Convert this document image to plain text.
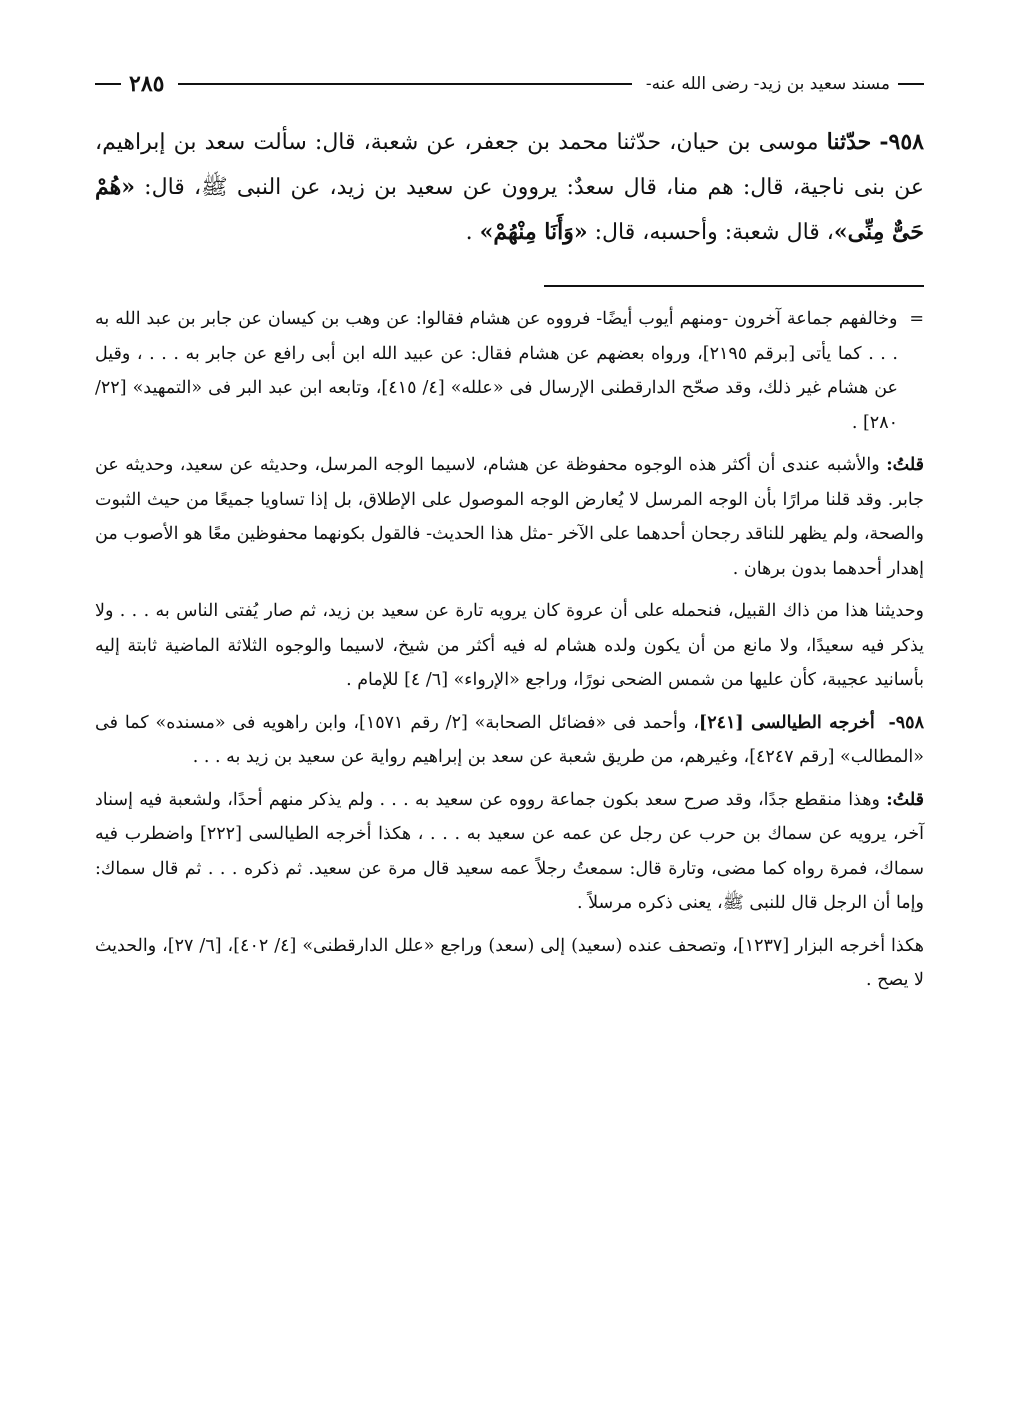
مسند سعيد بن زيد- رضى الله عنه-
٢٨٥
٩٥٨- حدّثنا موسى بن حيان، حدّثنا محمد بن جعفر، عن شعبة، قال: سألت سعد بن إبراهيم، عن بنى ناجية، قال: هم منا، قال سعدٌ: يروون عن سعيد بن زيد، عن النبى ﷺ، قال: «هُمْ حَىٌّ مِنِّى»، قال شعبة: وأحسبه، قال: «وَأَنَا مِنْهُمْ» .

=  وخالفهم جماعة آخرون -ومنهم أيوب أيضًا- فرووه عن هشام فقالوا: عن وهب بن كيسان عن جابر بن عبد الله به . . . كما يأتى [برقم ٢١٩٥]، ورواه بعضهم عن هشام فقال: عن عبيد الله ابن أبى رافع عن جابر به . . . ، وقيل عن هشام غير ذلك، وقد صحّح الدارقطنى الإرسال فى «علله» [٤/ ٤١٥]، وتابعه ابن عبد البر فى «التمهيد» [٢٢/ ٢٨٠] .

قلتُ: والأشبه عندى أن أكثر هذه الوجوه محفوظة عن هشام، لاسيما الوجه المرسل، وحديثه عن سعيد، وحديثه عن جابر. وقد قلنا مرارًا بأن الوجه المرسل لا يُعارض الوجه الموصول على الإطلاق، بل إذا تساويا جميعًا من حيث الثبوت والصحة، ولم يظهر للناقد رجحان أحدهما على الآخر -مثل هذا الحديث- فالقول بكونهما محفوظين معًا هو الأصوب من إهدار أحدهما بدون برهان .

وحديثنا هذا من ذاك القبيل، فنحمله على أن عروة كان يرويه تارة عن سعيد بن زيد، ثم صار يُفتى الناس به . . . ولا يذكر فيه سعيدًا، ولا مانع من أن يكون ولده هشام له فيه أكثر من شيخ، لاسيما والوجوه الثلاثة الماضية ثابتة إليه بأسانيد عجيبة، كأن عليها من شمس الضحى نورًا، وراجع «الإرواء» [٦/ ٤] للإمام .

٩٥٨-  أخرجه الطيالسى [٢٤١]، وأحمد فى «فضائل الصحابة» [٢/ رقم ١٥٧١]، وابن راهويه فى «مسنده» كما فى «المطالب» [رقم ٤٢٤٧]، وغيرهم، من طريق شعبة عن سعد بن إبراهيم رواية عن سعيد بن زيد به . . .

قلتُ: وهذا منقطع جدًا، وقد صرح سعد بكون جماعة رووه عن سعيد به . . . ولم يذكر منهم أحدًا، ولشعبة فيه إسناد آخر، يرويه عن سماك بن حرب عن رجل عن عمه عن سعيد به . . . ، هكذا أخرجه الطيالسى [٢٢٢] واضطرب فيه سماك، فمرة رواه كما مضى، وتارة قال: سمعتُ رجلاً عمه سعيد قال مرة عن سعيد. ثم ذكره . . . ثم قال سماك: وإما أن الرجل قال للنبى ﷺ، يعنى ذكره مرسلاً .

هكذا أخرجه البزار [١٢٣٧]، وتصحف عنده (سعيد) إلى (سعد) وراجع «علل الدارقطنى» [٤/ ٤٠٢]، [٦/ ٢٧]، والحديث لا يصح .
